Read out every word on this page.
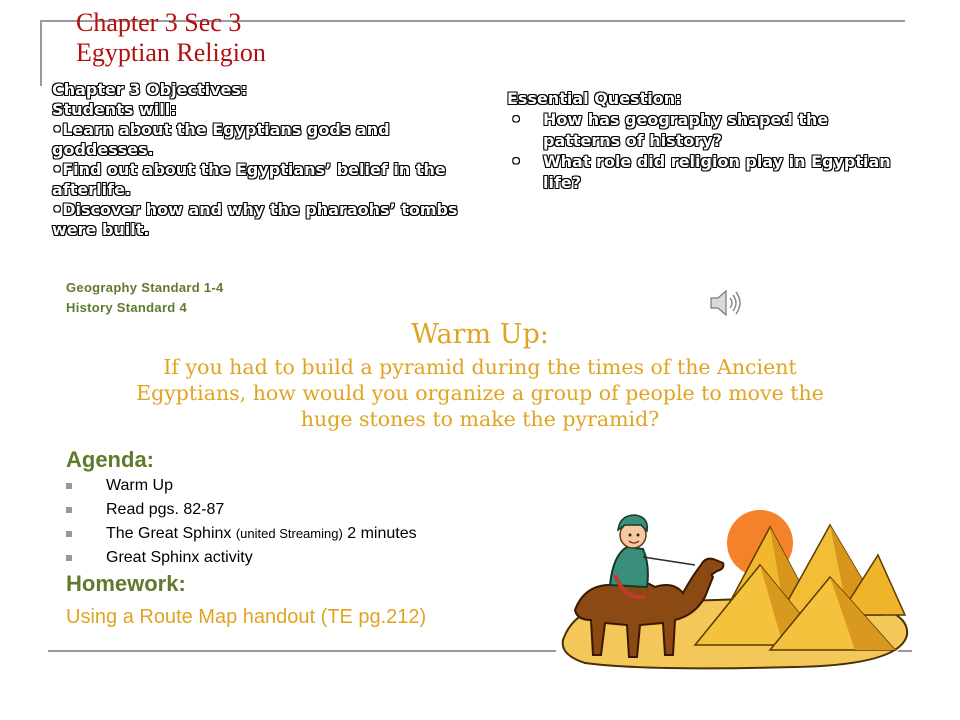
Chapter 3 Sec 3
Egyptian Religion
Chapter 3 Objectives:
Students will:
•Learn about the Egyptians gods and goddesses.
•Find out about the Egyptians’ belief in the afterlife.
•Discover how and why the pharaohs’ tombs were built.
Essential Question:
• How has geography shaped the patterns of history?
• What role did religion play in Egyptian life?
Geography Standard 1-4
History Standard 4
Warm Up:
If you had to build a pyramid during the times of the Ancient Egyptians, how would you organize a group of people to move the huge stones to make the pyramid?
Agenda:
Warm Up
Read pgs. 82-87
The Great Sphinx (united Streaming) 2 minutes
Great Sphinx activity
Homework:
Using a Route Map handout (TE pg.212)
